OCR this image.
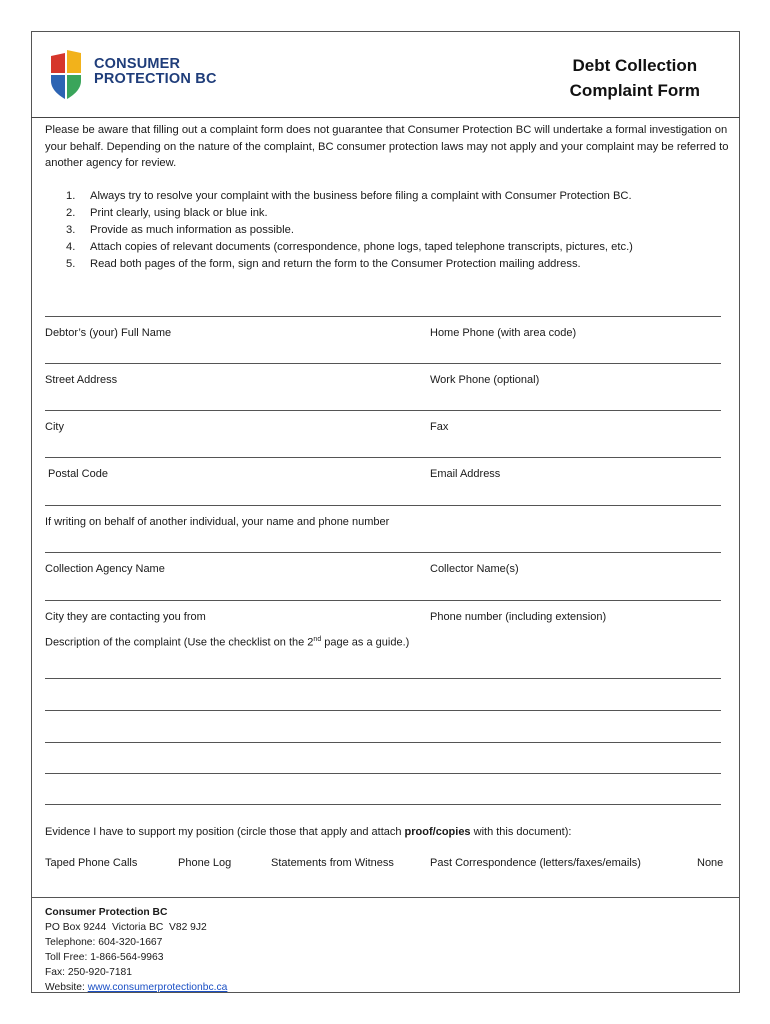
CONSUMER
PROTECTION BC
Debt Collection
Complaint Form
Please be aware that filling out a complaint form does not guarantee that Consumer Protection BC will undertake a formal investigation on your behalf. Depending on the nature of the complaint, BC consumer protection laws may not apply and your complaint may be referred to another agency for review.
1. Always try to resolve your complaint with the business before filing a complaint with Consumer Protection BC.
2. Print clearly, using black or blue ink.
3. Provide as much information as possible.
4. Attach copies of relevant documents (correspondence, phone logs, taped telephone transcripts, pictures, etc.)
5. Read both pages of the form, sign and return the form to the Consumer Protection mailing address.
Debtor’s (your) Full Name	Home Phone (with area code)
Street Address	Work Phone (optional)
City	Fax
Postal Code	Email Address
If writing on behalf of another individual, your name and phone number
Collection Agency Name	Collector Name(s)
City they are contacting you from	Phone number (including extension)
Description of the complaint (Use the checklist on the 2nd page as a guide.)
Evidence I have to support my position (circle those that apply and attach proof/copies with this document):
Taped Phone Calls	Phone Log	Statements from Witness	Past Correspondence (letters/faxes/emails)	None
Consumer Protection BC
PO Box 9244  Victoria BC  V82 9J2
Telephone: 604-320-1667
Toll Free: 1-866-564-9963
Fax: 250-920-7181
Website: www.consumerprotectionbc.ca
